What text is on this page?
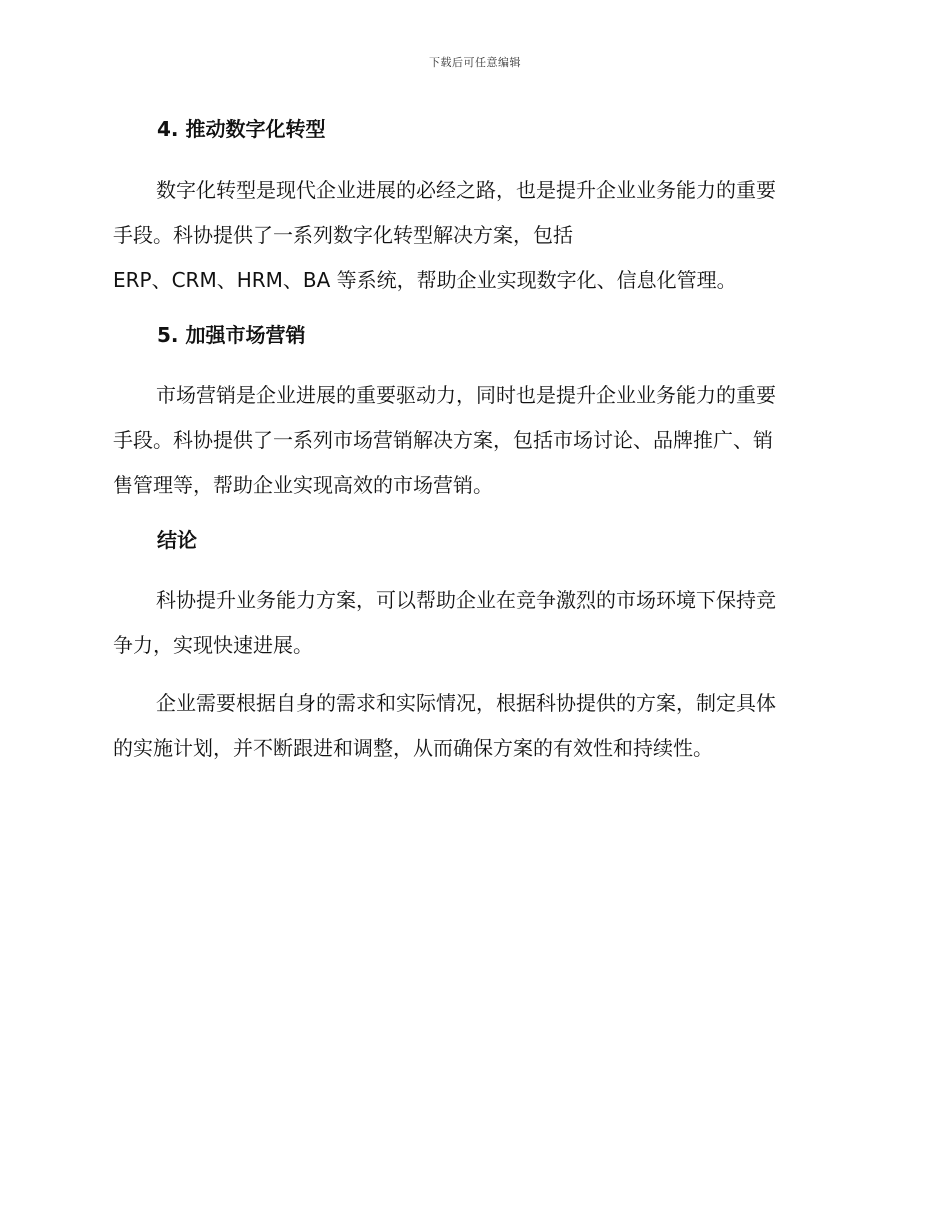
下载后可任意编辑
4. 推动数字化转型

数字化转型是现代企业进展的必经之路，也是提升企业业务能力的重要
手段。科协提供了一系列数字化转型解决方案，包括
ERP、CRM、HRM、BA 等系统，帮助企业实现数字化、信息化管理。

5. 加强市场营销

市场营销是企业进展的重要驱动力，同时也是提升企业业务能力的重要
手段。科协提供了一系列市场营销解决方案，包括市场讨论、品牌推广、销
售管理等，帮助企业实现高效的市场营销。

结论

科协提升业务能力方案，可以帮助企业在竞争激烈的市场环境下保持竞
争力，实现快速进展。

企业需要根据自身的需求和实际情况，根据科协提供的方案，制定具体
的实施计划，并不断跟进和调整，从而确保方案的有效性和持续性。
